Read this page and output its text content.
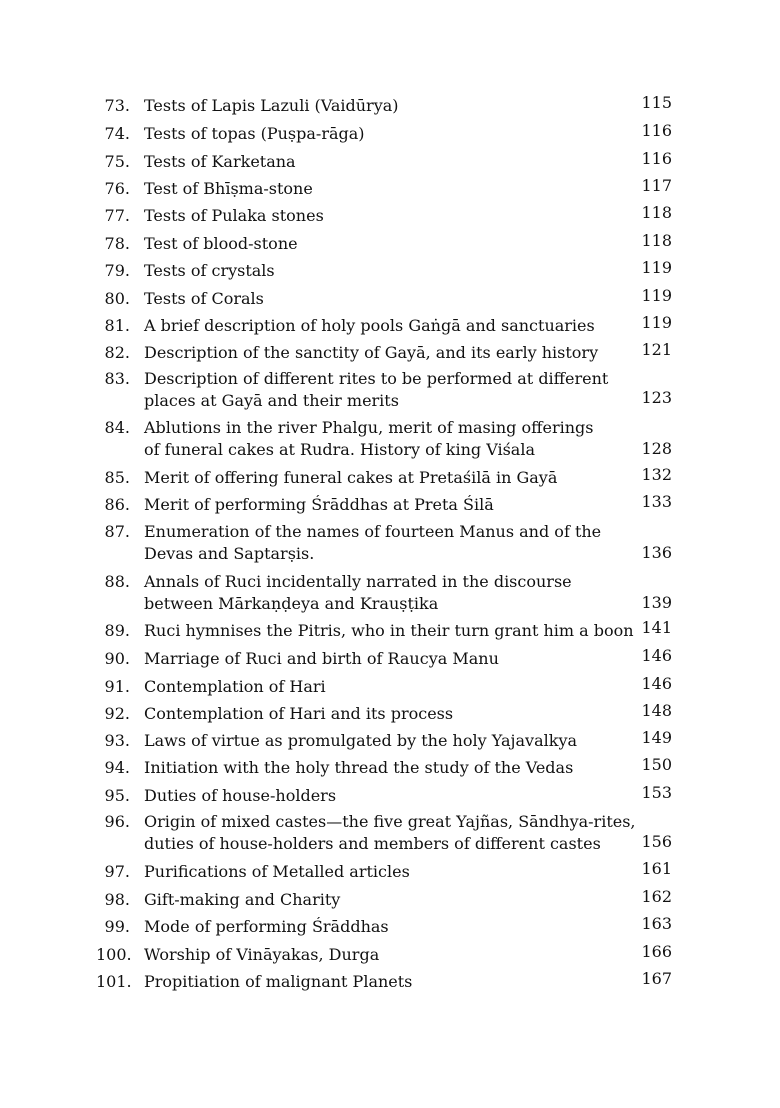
73. Tests of Lapis Lazuli (Vaidūrya)	115
74. Tests of topas (Puṣpa-rāga)	116
75. Tests of Karketana	116
76. Test of Bhīṣma-stone	117
77. Tests of Pulaka stones	118
78. Test of blood-stone	118
79. Tests of crystals	119
80. Tests of Corals	119
81. A brief description of holy pools Gaṅgā and sanctuaries	119
82. Description of the sanctity of Gayā, and its early history	121
83. Description of different rites to be performed at different
places at Gayā and their merits	123
84. Ablutions in the river Phalgu, merit of masing offerings
of funeral cakes at Rudra. History of king Viśala	128
85. Merit of offering funeral cakes at Pretaśilā in Gayā	132
86. Merit of performing Śrāddhas at Preta Śilā	133
87. Enumeration of the names of fourteen Manus and of the
Devas and Saptarṣis.	136
88. Annals of Ruci incidentally narrated in the discourse
between Mārkaṇḍeya and Krauṣṭika	139
89. Ruci hymnises the Pitris, who in their turn grant him a boon 141
90. Marriage of Ruci and birth of Raucya Manu	146
91. Contemplation of Hari	146
92. Contemplation of Hari and its process	148
93. Laws of virtue as promulgated by the holy Yajavalkya	149
94. Initiation with the holy thread the study of the Vedas	150
95. Duties of house-holders	153
96. Origin of mixed castes—the five great Yajñas, Sāndhya-rites,
duties of house-holders and members of different castes	156
97. Purifications of Metalled articles	161
98. Gift-making and Charity	162
99. Mode of performing Śrāddhas	163
100. Worship of Vināyakas, Durga	166
101. Propitiation of malignant Planets	167
